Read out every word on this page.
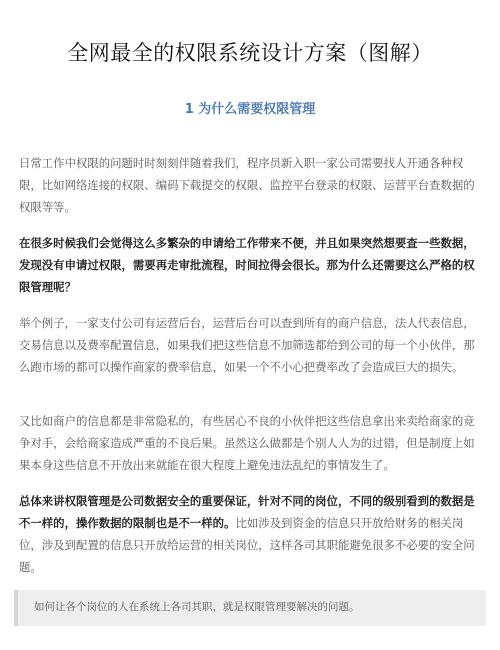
全网最全的权限系统设计方案（图解）
1 为什么需要权限管理

日常工作中权限的问题时时刻刻伴随着我们，程序员新入职一家公司需要找人开通各种权限，比如网络连接的权限、编码下载提交的权限、监控平台登录的权限、运营平台查数据的权限等等。

在很多时候我们会觉得这么多繁杂的申请给工作带来不便，并且如果突然想要查一些数据，发现没有申请过权限，需要再走审批流程，时间拉得会很长。那为什么还需要这么严格的权限管理呢？

举个例子，一家支付公司有运营后台，运营后台可以查到所有的商户信息，法人代表信息，交易信息以及费率配置信息，如果我们把这些信息不加筛选都给到公司的每一个小伙伴，那么跑市场的都可以操作商家的费率信息，如果一个不小心把费率改了会造成巨大的损失。

又比如商户的信息都是非常隐私的，有些居心不良的小伙伴把这些信息拿出来卖给商家的竞争对手，会给商家造成严重的不良后果。虽然这么做都是个别人人为的过错，但是制度上如果本身这些信息不开放出来就能在很大程度上避免违法乱纪的事情发生了。

总体来讲权限管理是公司数据安全的重要保证，针对不同的岗位，不同的级别看到的数据是不一样的，操作数据的限制也是不一样的。比如涉及到资金的信息只开放给财务的相关岗位，涉及到配置的信息只开放给运营的相关岗位，这样各司其职能避免很多不必要的安全问题。

如何让各个岗位的人在系统上各司其职，就是权限管理要解决的问题。
